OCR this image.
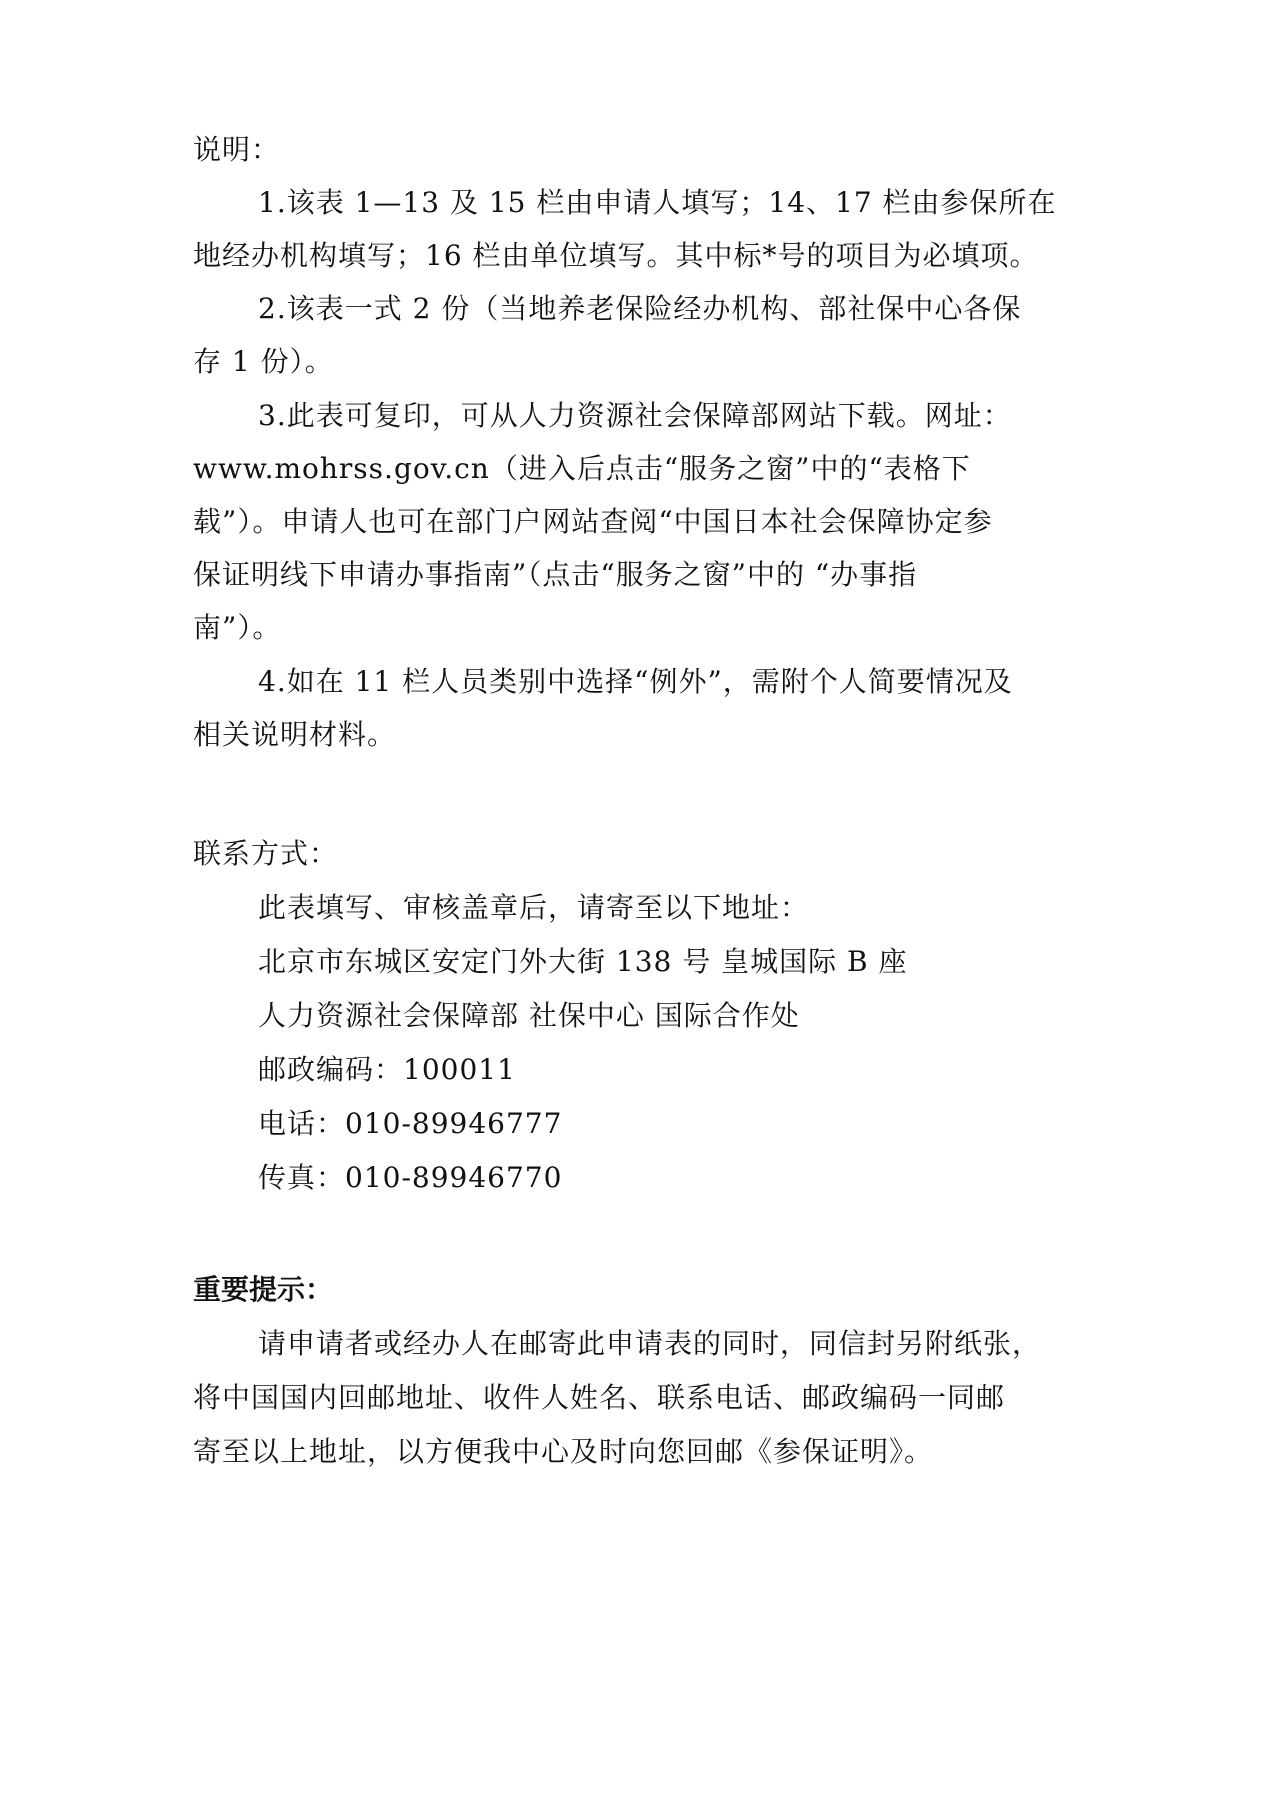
说明：
1.该表 1—13 及 15 栏由申请人填写；14、17 栏由参保所在
地经办机构填写；16 栏由单位填写。其中标*号的项目为必填项。
2.该表一式 2 份（当地养老保险经办机构、部社保中心各保
存 1 份）。
3.此表可复印，可从人力资源社会保障部网站下载。网址：
www.mohrss.gov.cn（进入后点击“服务之窗”中的“表格下
载”）。申请人也可在部门户网站查阅“中国日本社会保障协定参
保证明线下申请办事指南”（点击“服务之窗”中的 “办事指
南”）。
4.如在 11 栏人员类别中选择“例外”，需附个人简要情况及
相关说明材料。
联系方式：
此表填写、审核盖章后，请寄至以下地址：
北京市东城区安定门外大街 138 号 皇城国际 B 座
人力资源社会保障部 社保中心 国际合作处
邮政编码：100011
电话：010-89946777
传真：010-89946770
重要提示：
请申请者或经办人在邮寄此申请表的同时，同信封另附纸张，
将中国国内回邮地址、收件人姓名、联系电话、邮政编码一同邮
寄至以上地址，以方便我中心及时向您回邮《参保证明》。
